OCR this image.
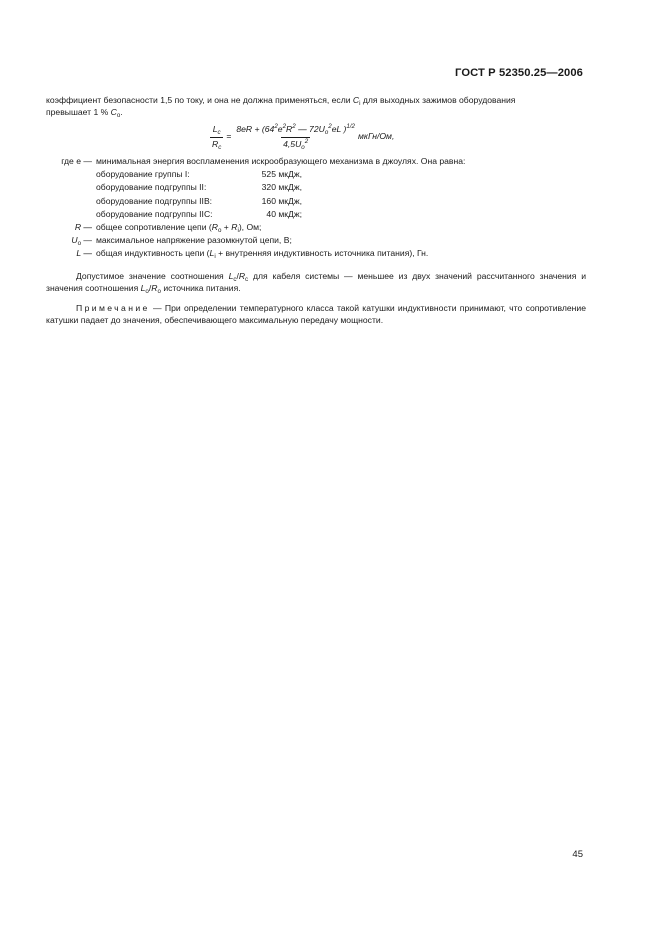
ГОСТ Р 52350.25—2006
коэффициент безопасности 1,5 по току, и она не должна применяться, если $C_i$ для выходных зажимов оборудования
превышает 1 % $C_о$.
$\frac{L_c}{R_c} = \frac{8eR + (64^2e^2R^2 — 72U_o^2eL )^{1/2}}{4,5U_o^2}$ мкГн/Ом,
где е — минимальная энергия воспламенения искрообразующего механизма в джоулях. Она равна:
оборудование группы I:	525 мкДж,
оборудование подгруппы II:	320 мкДж,
оборудование подгруппы IIB:	160 мкДж,
оборудование подгруппы IIC:	40 мкДж;
R — общее сопротивление цепи $(R_о + R_i)$, Ом;
$U_о$ — максимальное напряжение разомкнутой цепи, В;
L — общая индуктивность цепи ($L_i$ + внутренняя индуктивность источника питания), Гн.
Допустимое значение соотношения $L_c/R_c$ для кабеля системы — меньшее из двух значений рассчитанного значения и значения соотношения $L_о/R_о$ источника питания.
Примечание — При определении температурного класса такой катушки индуктивности принимают, что сопротивление катушки падает до значения, обеспечивающего максимальную передачу мощности.
45
